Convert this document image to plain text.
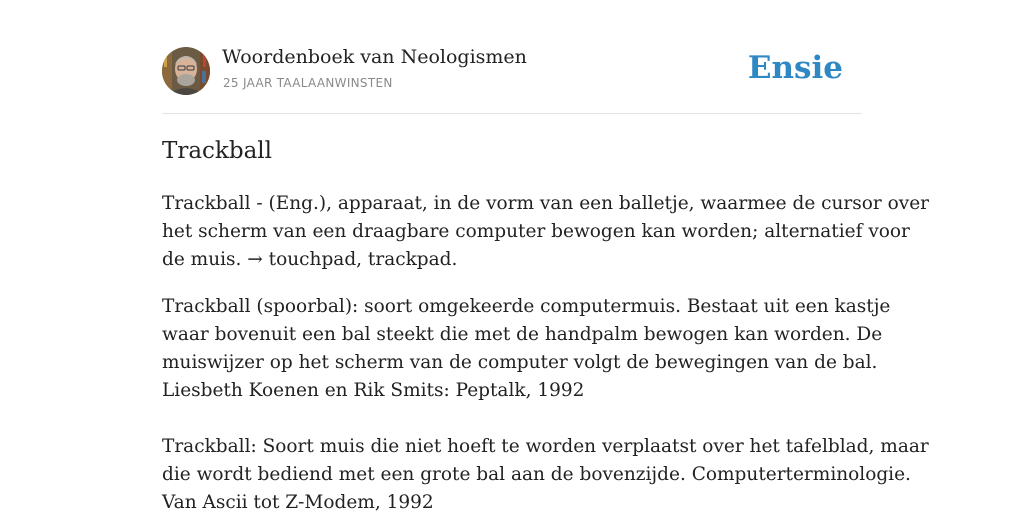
Woordenboek van Neologismen
25 JAAR TAALAANWINSTEN	Ensie
Trackball

Trackball - (Eng.), apparaat, in de vorm van een balletje, waarmee de cursor over
het scherm van een draagbare computer bewogen kan worden; alternatief voor
de muis. → touchpad, trackpad.

Trackball (spoorbal): soort omgekeerde computermuis. Bestaat uit een kastje
waar bovenuit een bal steekt die met de handpalm bewogen kan worden. De
muiswijzer op het scherm van de computer volgt de bewegingen van de bal.
Liesbeth Koenen en Rik Smits: Peptalk, 1992

Trackball: Soort muis die niet hoeft te worden verplaatst over het tafelblad, maar
die wordt bediend met een grote bal aan de bovenzijde. Computerterminologie.
Van Ascii tot Z-Modem, 1992
